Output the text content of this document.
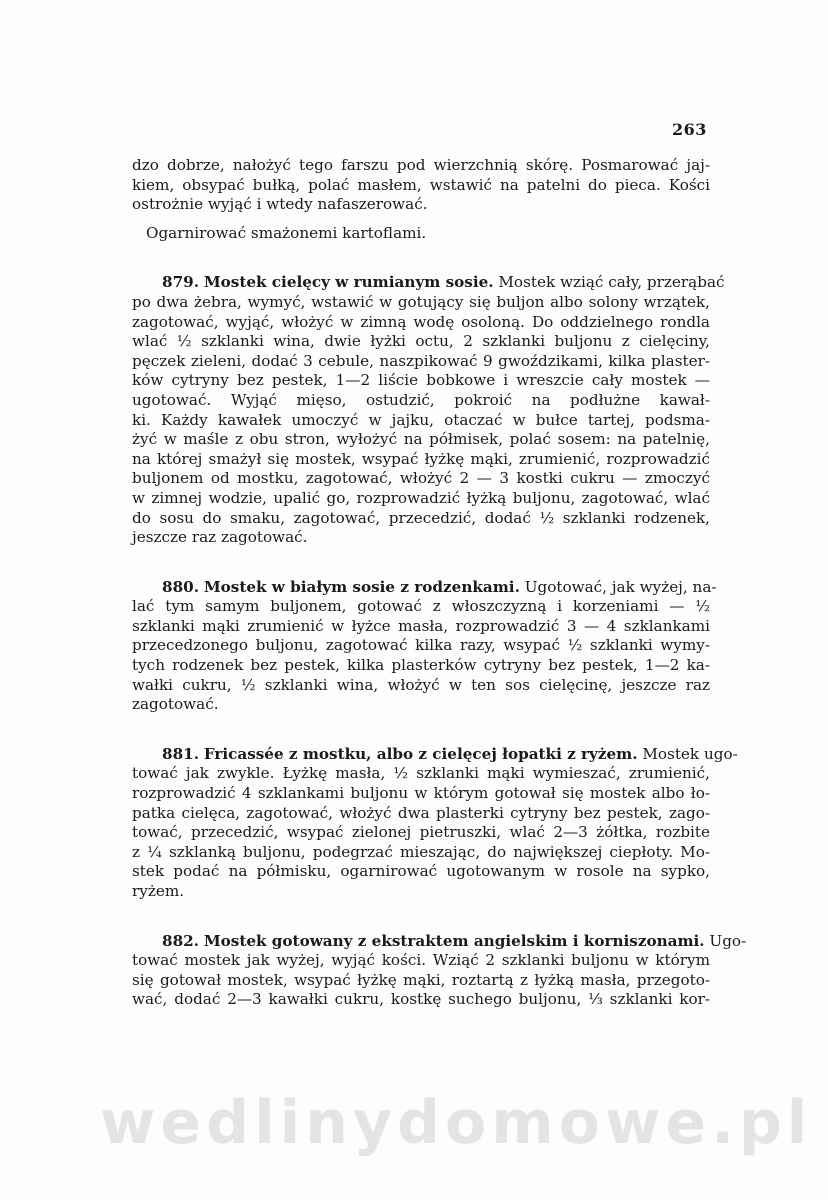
263
dzo dobrze, nałożyć tego farszu pod wierzchnią skórę. Posmarować jaj-
kiem, obsypać bułką, polać masłem, wstawić na patelni do pieca. Kości
ostrożnie wyjąć i wtedy nafaszerować.
Ogarnirować smażonemi kartoflami.
879. Mostek cielęcy w rumianym sosie. Mostek wziąć cały, przerąbać
po dwa żebra, wymyć, wstawić w gotujący się buljon albo solony wrzątek,
zagotować, wyjąć, włożyć w zimną wodę osoloną. Do oddzielnego rondla
wlać ½ szklanki wina, dwie łyżki octu, 2 szklanki buljonu z cielęciny,
pęczek zieleni, dodać 3 cebule, naszpikować 9 gwoździkami, kilka plaster-
ków cytryny bez pestek, 1—2 liście bobkowe i wreszcie cały mostek —
ugotować. Wyjąć mięso, ostudzić, pokroić na podłużne kawał-
ki. Każdy kawałek umoczyć w jajku, otaczać w bułce tartej, podsma-
żyć w maśle z obu stron, wyłożyć na półmisek, polać sosem: na patelnię,
na której smażył się mostek, wsypać łyżkę mąki, zrumienić, rozprowadzić
buljonem od mostku, zagotować, włożyć 2 — 3 kostki cukru — zmoczyć
w zimnej wodzie, upalić go, rozprowadzić łyżką buljonu, zagotować, wlać
do sosu do smaku, zagotować, przecedzić, dodać ½ szklanki rodzenek,
jeszcze raz zagotować.
880. Mostek w białym sosie z rodzenkami. Ugotować, jak wyżej, na-
lać tym samym buljonem, gotować z włoszczyzną i korzeniami — ½
szklanki mąki zrumienić w łyżce masła, rozprowadzić 3 — 4 szklankami
przecedzonego buljonu, zagotować kilka razy, wsypać ½ szklanki wymy-
tych rodzenek bez pestek, kilka plasterków cytryny bez pestek, 1—2 ka-
wałki cukru, ½ szklanki wina, włożyć w ten sos cielęcinę, jeszcze raz
zagotować.
881. Fricassée z mostku, albo z cielęcej łopatki z ryżem. Mostek ugo-
tować jak zwykle. Łyżkę masła, ½ szklanki mąki wymieszać, zrumienić,
rozprowadzić 4 szklankami buljonu w którym gotował się mostek albo ło-
patka cielęca, zagotować, włożyć dwa plasterki cytryny bez pestek, zago-
tować, przecedzić, wsypać zielonej pietruszki, wlać 2—3 żółtka, rozbite
z ¼ szklanką buljonu, podegrzać mieszając, do największej ciepłoty. Mo-
stek podać na półmisku, ogarnirować ugotowanym w rosole na sypko,
ryżem.
882. Mostek gotowany z ekstraktem angielskim i korniszonami. Ugo-
tować mostek jak wyżej, wyjąć kości. Wziąć 2 szklanki buljonu w którym
się gotował mostek, wsypać łyżkę mąki, roztartą z łyżką masła, przegoto-
wać, dodać 2—3 kawałki cukru, kostkę suchego buljonu, ⅓ szklanki kor-
wedlinydomowe.pl
